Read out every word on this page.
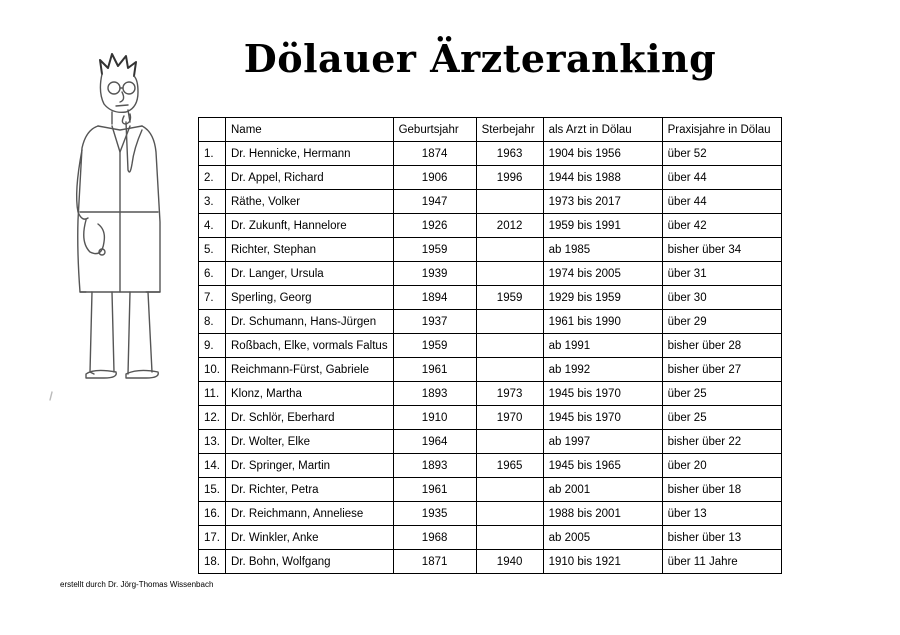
Dölauer Ärzteranking
	Name	Geburtsjahr	Sterbejahr	als Arzt in Dölau	Praxisjahre in Dölau
1.	Dr. Hennicke, Hermann	1874	1963	1904 bis 1956	über 52
2.	Dr. Appel, Richard	1906	1996	1944 bis 1988	über 44
3.	Räthe, Volker	1947		1973 bis 2017	über 44
4.	Dr. Zukunft, Hannelore	1926	2012	1959 bis 1991	über 42
5.	Richter, Stephan	1959		ab 1985	bisher über 34
6.	Dr. Langer, Ursula	1939		1974 bis 2005	über 31
7.	Sperling, Georg	1894	1959	1929 bis 1959	über 30
8.	Dr. Schumann, Hans-Jürgen	1937		1961 bis 1990	über 29
9.	Roßbach, Elke, vormals Faltus	1959		ab 1991	bisher über 28
10.	Reichmann-Fürst, Gabriele	1961		ab 1992	bisher über 27
11.	Klonz, Martha	1893	1973	1945 bis 1970	über 25
12.	Dr. Schlör, Eberhard	1910	1970	1945 bis 1970	über 25
13.	Dr. Wolter, Elke	1964		ab 1997	bisher über 22
14.	Dr. Springer, Martin	1893	1965	1945 bis 1965	über 20
15.	Dr. Richter, Petra	1961		ab 2001	bisher über 18
16.	Dr. Reichmann, Anneliese	1935		1988 bis 2001	über 13
17.	Dr. Winkler, Anke	1968		ab 2005	bisher über 13
18.	Dr. Bohn, Wolfgang	1871	1940	1910 bis 1921	über 11 Jahre
erstellt durch Dr. Jörg-Thomas Wissenbach
